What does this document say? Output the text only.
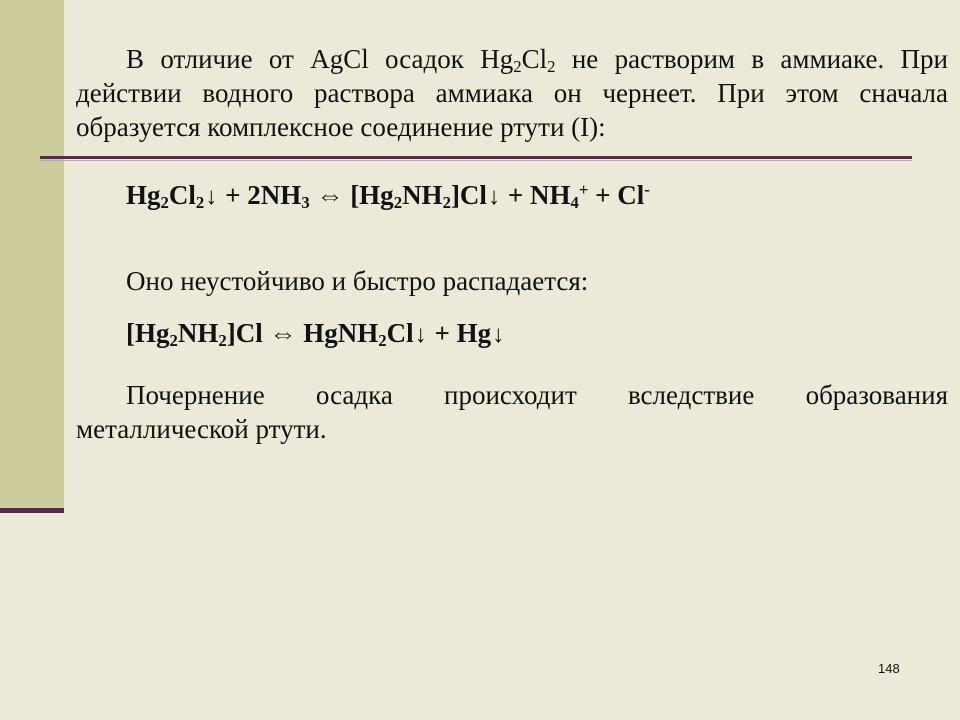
В отличие от AgCl осадок $Hg_2Cl_2$ не растворим в аммиаке. При действии водного раствора аммиака он чернеет. При этом сначала образуется комплексное соединение ртути (I):
$Hg_2Cl_2↓ + 2NH_3$ ⇔ $[Hg_2NH_2]Cl↓ + NH_4^+ + Cl^-$
Оно неустойчиво и быстро распадается:
$[Hg_2NH_2]Cl$ ⇔ HgNH$_2$Cl↓ + Hg↓
Почернение осадка происходит вследствие образования металлической ртути.
148
